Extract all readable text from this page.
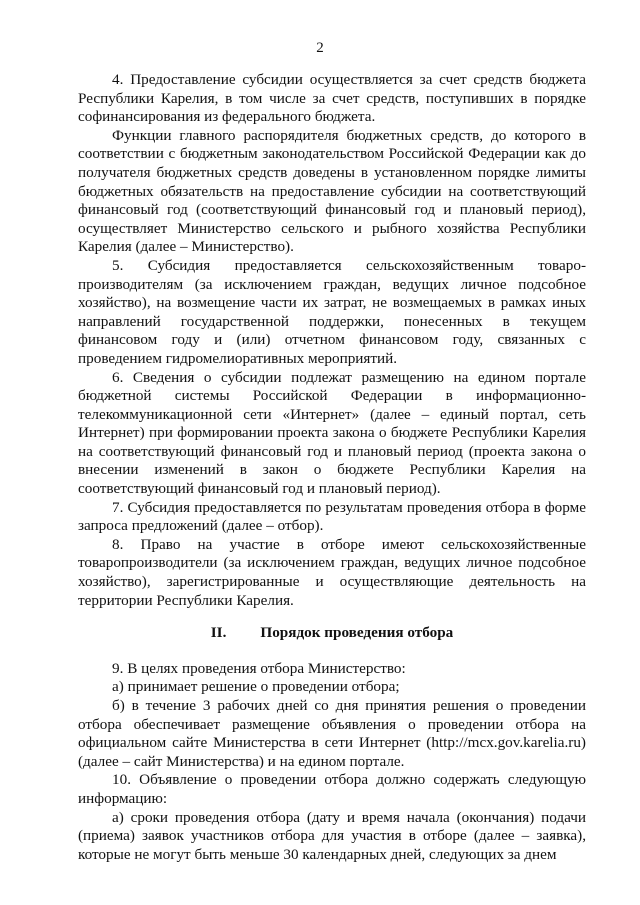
2

4. Предоставление субсидии осуществляется за счет средств бюджета Республики Карелия, в том числе за счет средств, поступивших в порядке софинансирования из федерального бюджета.

Функции главного распорядителя бюджетных средств, до которого в соответствии с бюджетным законодательством Российской Федерации как до получателя бюджетных средств доведены в установленном порядке лимиты бюджетных обязательств на предоставление субсидии на соответствующий финансовый год (соответствующий финансовый год и плановый период), осуществляет Министерство сельского и рыбного хозяйства Республики Карелия (далее – Министерство).

5. Субсидия предоставляется сельскохозяйственным товаропроизводителям (за исключением граждан, ведущих личное подсобное хозяйство), на возмещение части их затрат, не возмещаемых в рамках иных направлений государственной поддержки, понесенных в текущем финансовом году и (или) отчетном финансовом году, связанных с проведением гидромелиоративных мероприятий.

6. Сведения о субсидии подлежат размещению на едином портале бюджетной системы Российской Федерации в информационно-телекоммуникационной сети «Интернет» (далее – единый портал, сеть Интернет) при формировании проекта закона о бюджете Республики Карелия на соответствующий финансовый год и плановый период (проекта закона о внесении изменений в закон о бюджете Республики Карелия на соответствующий финансовый год и плановый период).

7. Субсидия предоставляется по результатам проведения отбора в форме запроса предложений (далее – отбор).

8. Право на участие в отборе имеют сельскохозяйственные товаропроизводители (за исключением граждан, ведущих личное подсобное хозяйство), зарегистрированные и осуществляющие деятельность на территории Республики Карелия.

II. Порядок проведения отбора

9. В целях проведения отбора Министерство:

а) принимает решение о проведении отбора;

б) в течение 3 рабочих дней со дня принятия решения о проведении отбора обеспечивает размещение объявления о проведении отбора на официальном сайте Министерства в сети Интернет (http://mcx.gov.karelia.ru) (далее – сайт Министерства) и на едином портале.

10. Объявление о проведении отбора должно содержать следующую информацию:

а) сроки проведения отбора (дату и время начала (окончания) подачи (приема) заявок участников отбора для участия в отборе (далее – заявка), которые не могут быть меньше 30 календарных дней, следующих за днем
